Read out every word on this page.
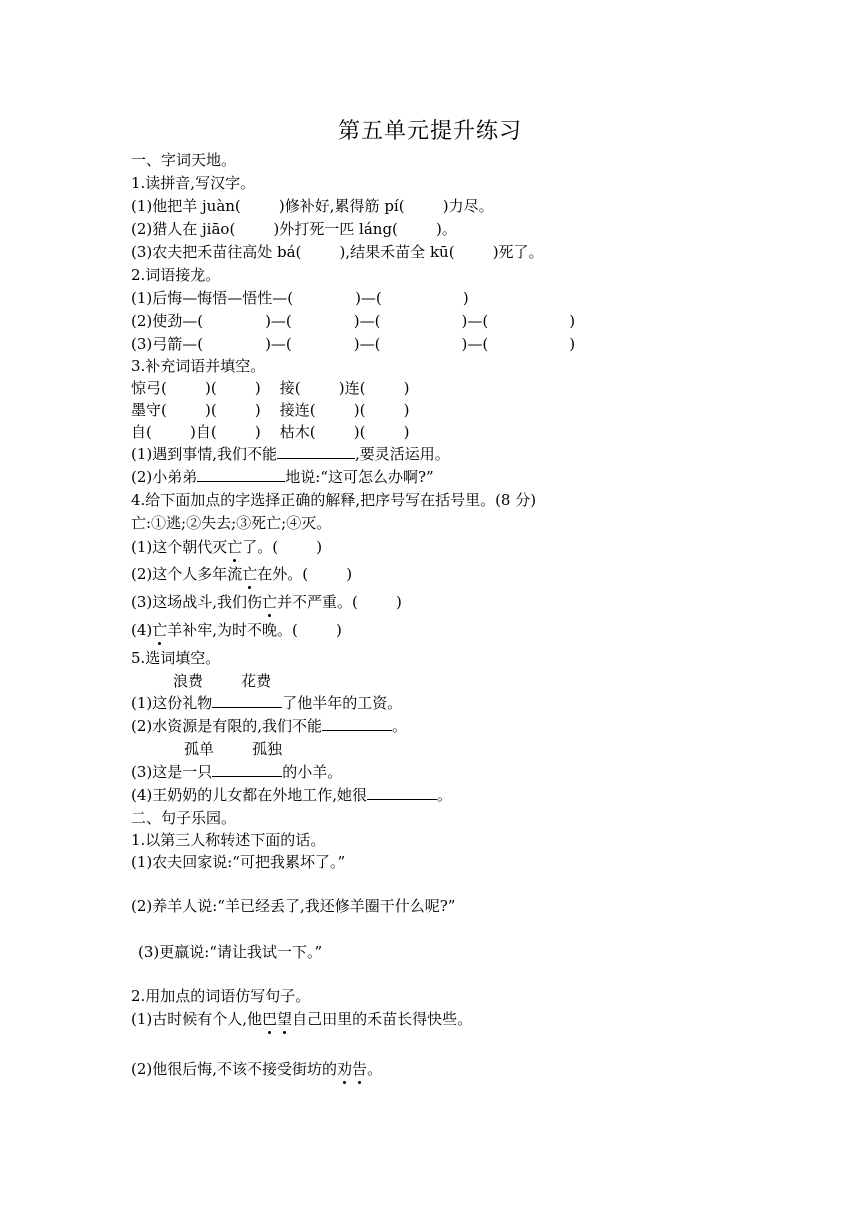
第五单元提升练习
一、字词天地。
1.读拼音,写汉字。
(1)他把羊 juàn(        )修补好,累得筋 pí(        )力尽。
(2)猎人在 jiāo(        )外打死一匹 láng(        )。
(3)农夫把禾苗往高处 bá(        ),结果禾苗全 kū(        )死了。
2.词语接龙。
(1)后悔—悔悟—悟性—(             )—(                 )
(2)使劲—(             )—(             )—(                 )—(                 )
(3)弓箭—(             )—(             )—(                 )—(                 )
3.补充词语并填空。
惊弓(        )(        )    接(        )连(        )
墨守(        )(        )    接连(        )(        )
自(        )自(        )    枯木(        )(        )
(1)遇到事情,我们不能	,要灵活运用。
(2)小弟弟	地说:“这可怎么办啊?”
4.给下面加点的字选择正确的解释,把序号写在括号里。(8 分)
亡:①逃;②失去;③死亡;④灭。
(1)这个朝代灭亡了。(        )
(2)这个人多年流亡在外。(        )
(3)这场战斗,我们伤亡并不严重。(        )
(4)亡羊补牢,为时不晚。(        )
5.选词填空。
浪费        花费
(1)这份礼物	了他半年的工资。
(2)水资源是有限的,我们不能	。
孤单        孤独
(3)这是一只	的小羊。
(4)王奶奶的儿女都在外地工作,她很	。
二、句子乐园。
1.以第三人称转述下面的话。
(1)农夫回家说:“可把我累坏了。”
(2)养羊人说:“羊已经丢了,我还修羊圈干什么呢?”
(3)更羸说:“请让我试一下。”
2.用加点的词语仿写句子。
(1)古时候有个人,他巴望自己田里的禾苗长得快些。
(2)他很后悔,不该不接受街坊的劝告。
